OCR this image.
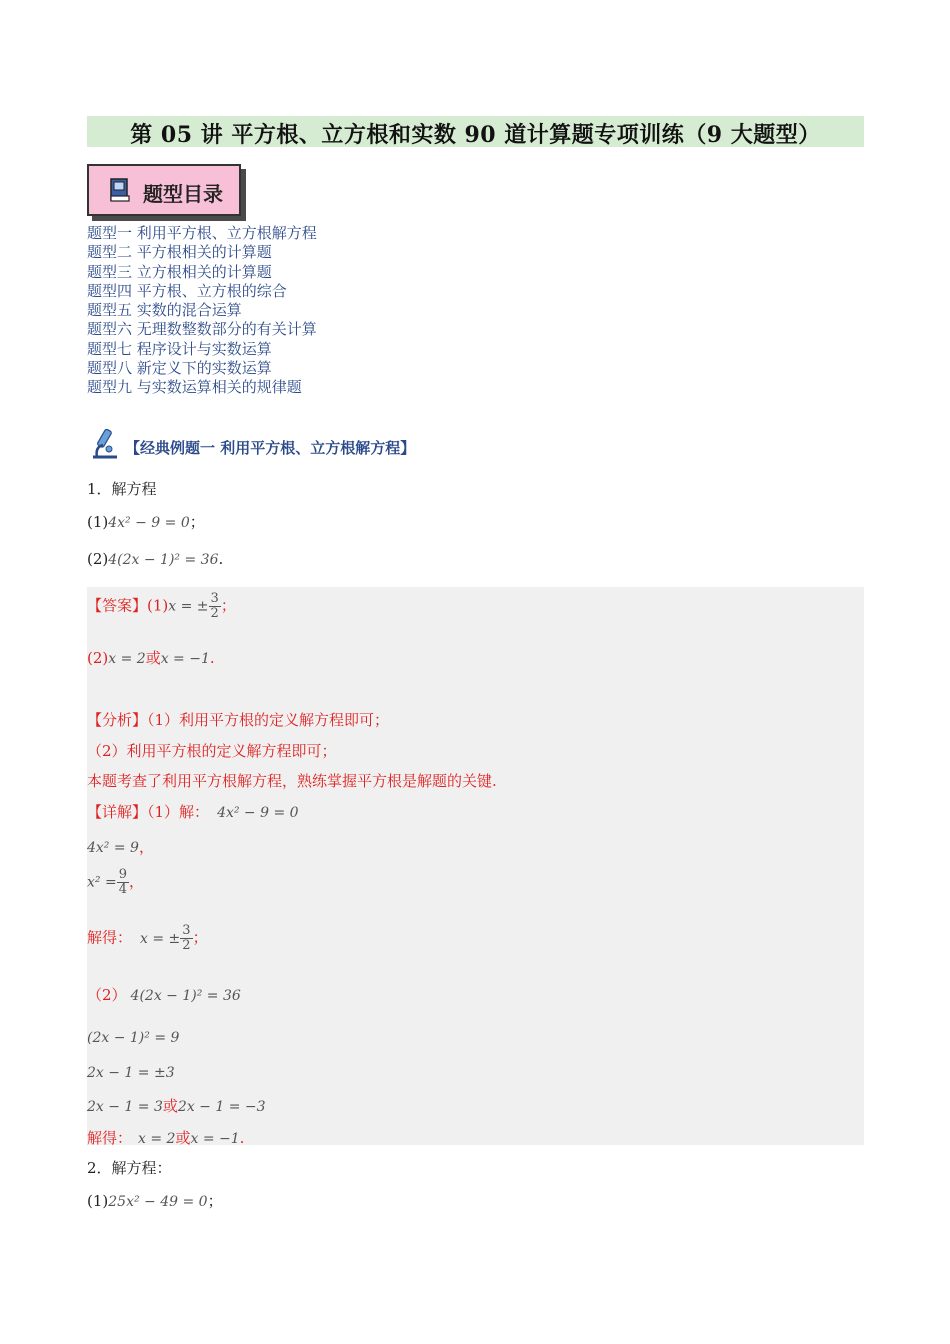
第 05 讲 平方根、立方根和实数 90 道计算题专项训练（9 大题型）
题型目录
题型一 利用平方根、立方根解方程
题型二 平方根相关的计算题
题型三 立方根相关的计算题
题型四 平方根、立方根的综合
题型五 实数的混合运算
题型六 无理数整数部分的有关计算
题型七 程序设计与实数运算
题型八 新定义下的实数运算
题型九 与实数运算相关的规律题
【经典例题一 利用平方根、立方根解方程】
1．解方程
(1)4x² − 9 = 0；
(2)4(2x − 1)² = 36.
【答案】(1)x = ± $\frac{3}{2}$ ；
(2)x = 2或x = −1.
【分析】（1）利用平方根的定义解方程即可；
（2）利用平方根的定义解方程即可；
本题考查了利用平方根解方程，熟练掌握平方根是解题的关键.
【详解】（1）解： 4x² − 9 = 0
4x² = 9，
$x^2 = \frac{9}{4}$ ，
解得： x = ± $\frac{3}{2}$ ；
（2） 4(2x − 1)² = 36
(2x − 1)² = 9
2x − 1 = ±3
2x − 1 = 3或2x − 1 = −3
解得： x = 2或x = −1.
2．解方程：
(1)25x² − 49 = 0；
